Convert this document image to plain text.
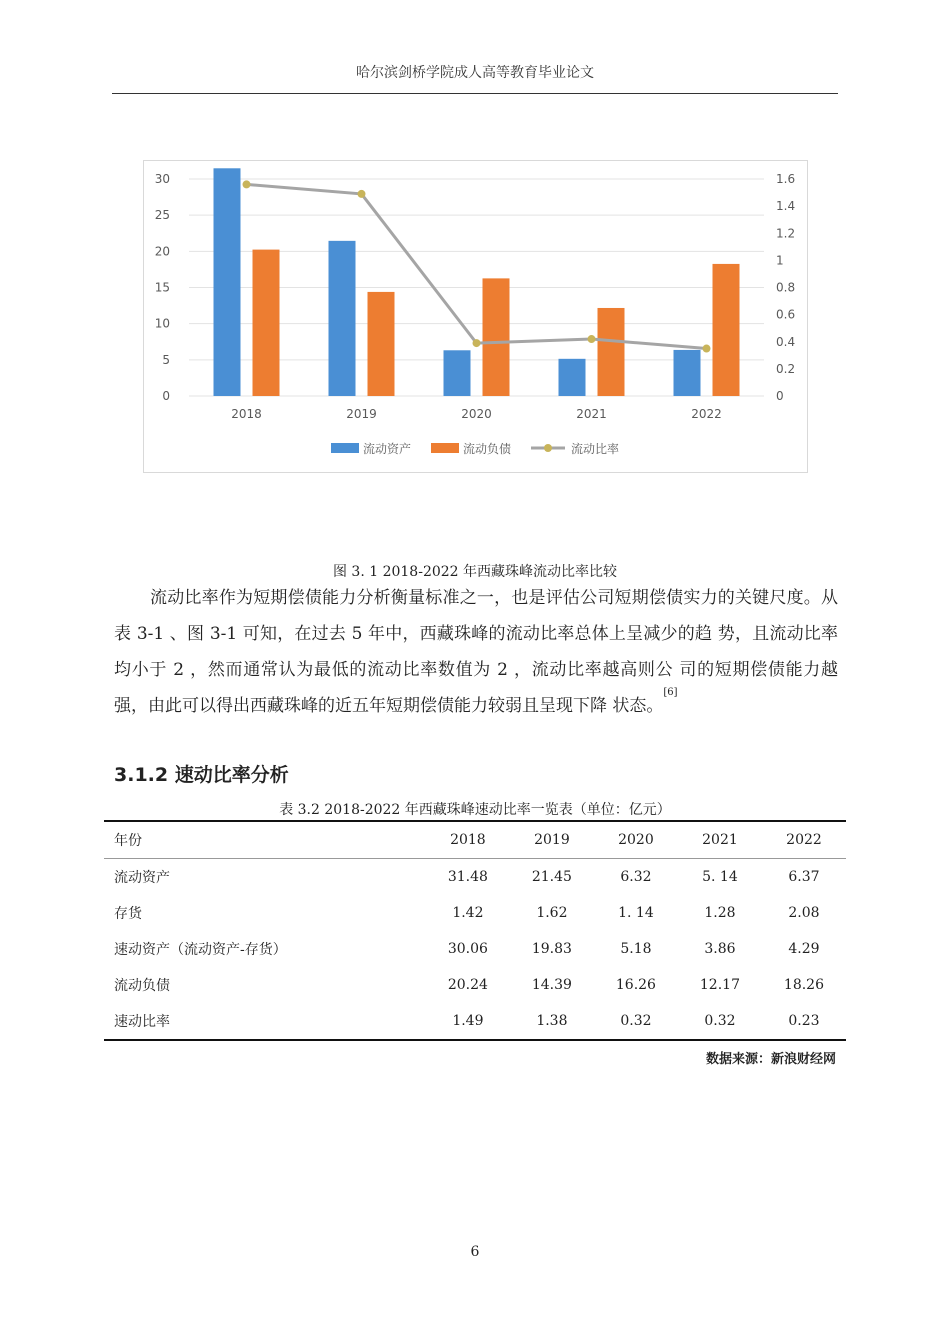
哈尔滨剑桥学院成人高等教育毕业论文
30
25
20
15
10
5
0
1.6
1.4
1.2
1
0.8
0.6
0.4
0.2
0
2018	2019	2020	2021	2022
流动资产	流动负债	流动比率
图 3. 1 2018-2022 年西藏珠峰流动比率比较
流动比率作为短期偿债能力分析衡量标准之一，也是评估公司短期偿债实力的关键尺度。从表 3-1 、图 3-1 可知，在过去 5 年中，西藏珠峰的流动比率总体上呈减少的趋 势，且流动比率均小于 2 ，然而通常认为最低的流动比率数值为 2 ，流动比率越高则公 司的短期偿债能力越强，由此可以得出西藏珠峰的近五年短期偿债能力较弱且呈现下降 状态。[6]
3.1.2 速动比率分析
表 3.2 2018-2022 年西藏珠峰速动比率一览表（单位：亿元）
年份	2018	2019	2020	2021	2022
流动资产	31.48	21.45	6.32	5. 14	6.37
存货	1.42	1.62	1. 14	1.28	2.08
速动资产（流动资产-存货）	30.06	19.83	5.18	3.86	4.29
流动负债	20.24	14.39	16.26	12.17	18.26
速动比率	1.49	1.38	0.32	0.32	0.23
数据来源：新浪财经网
6
